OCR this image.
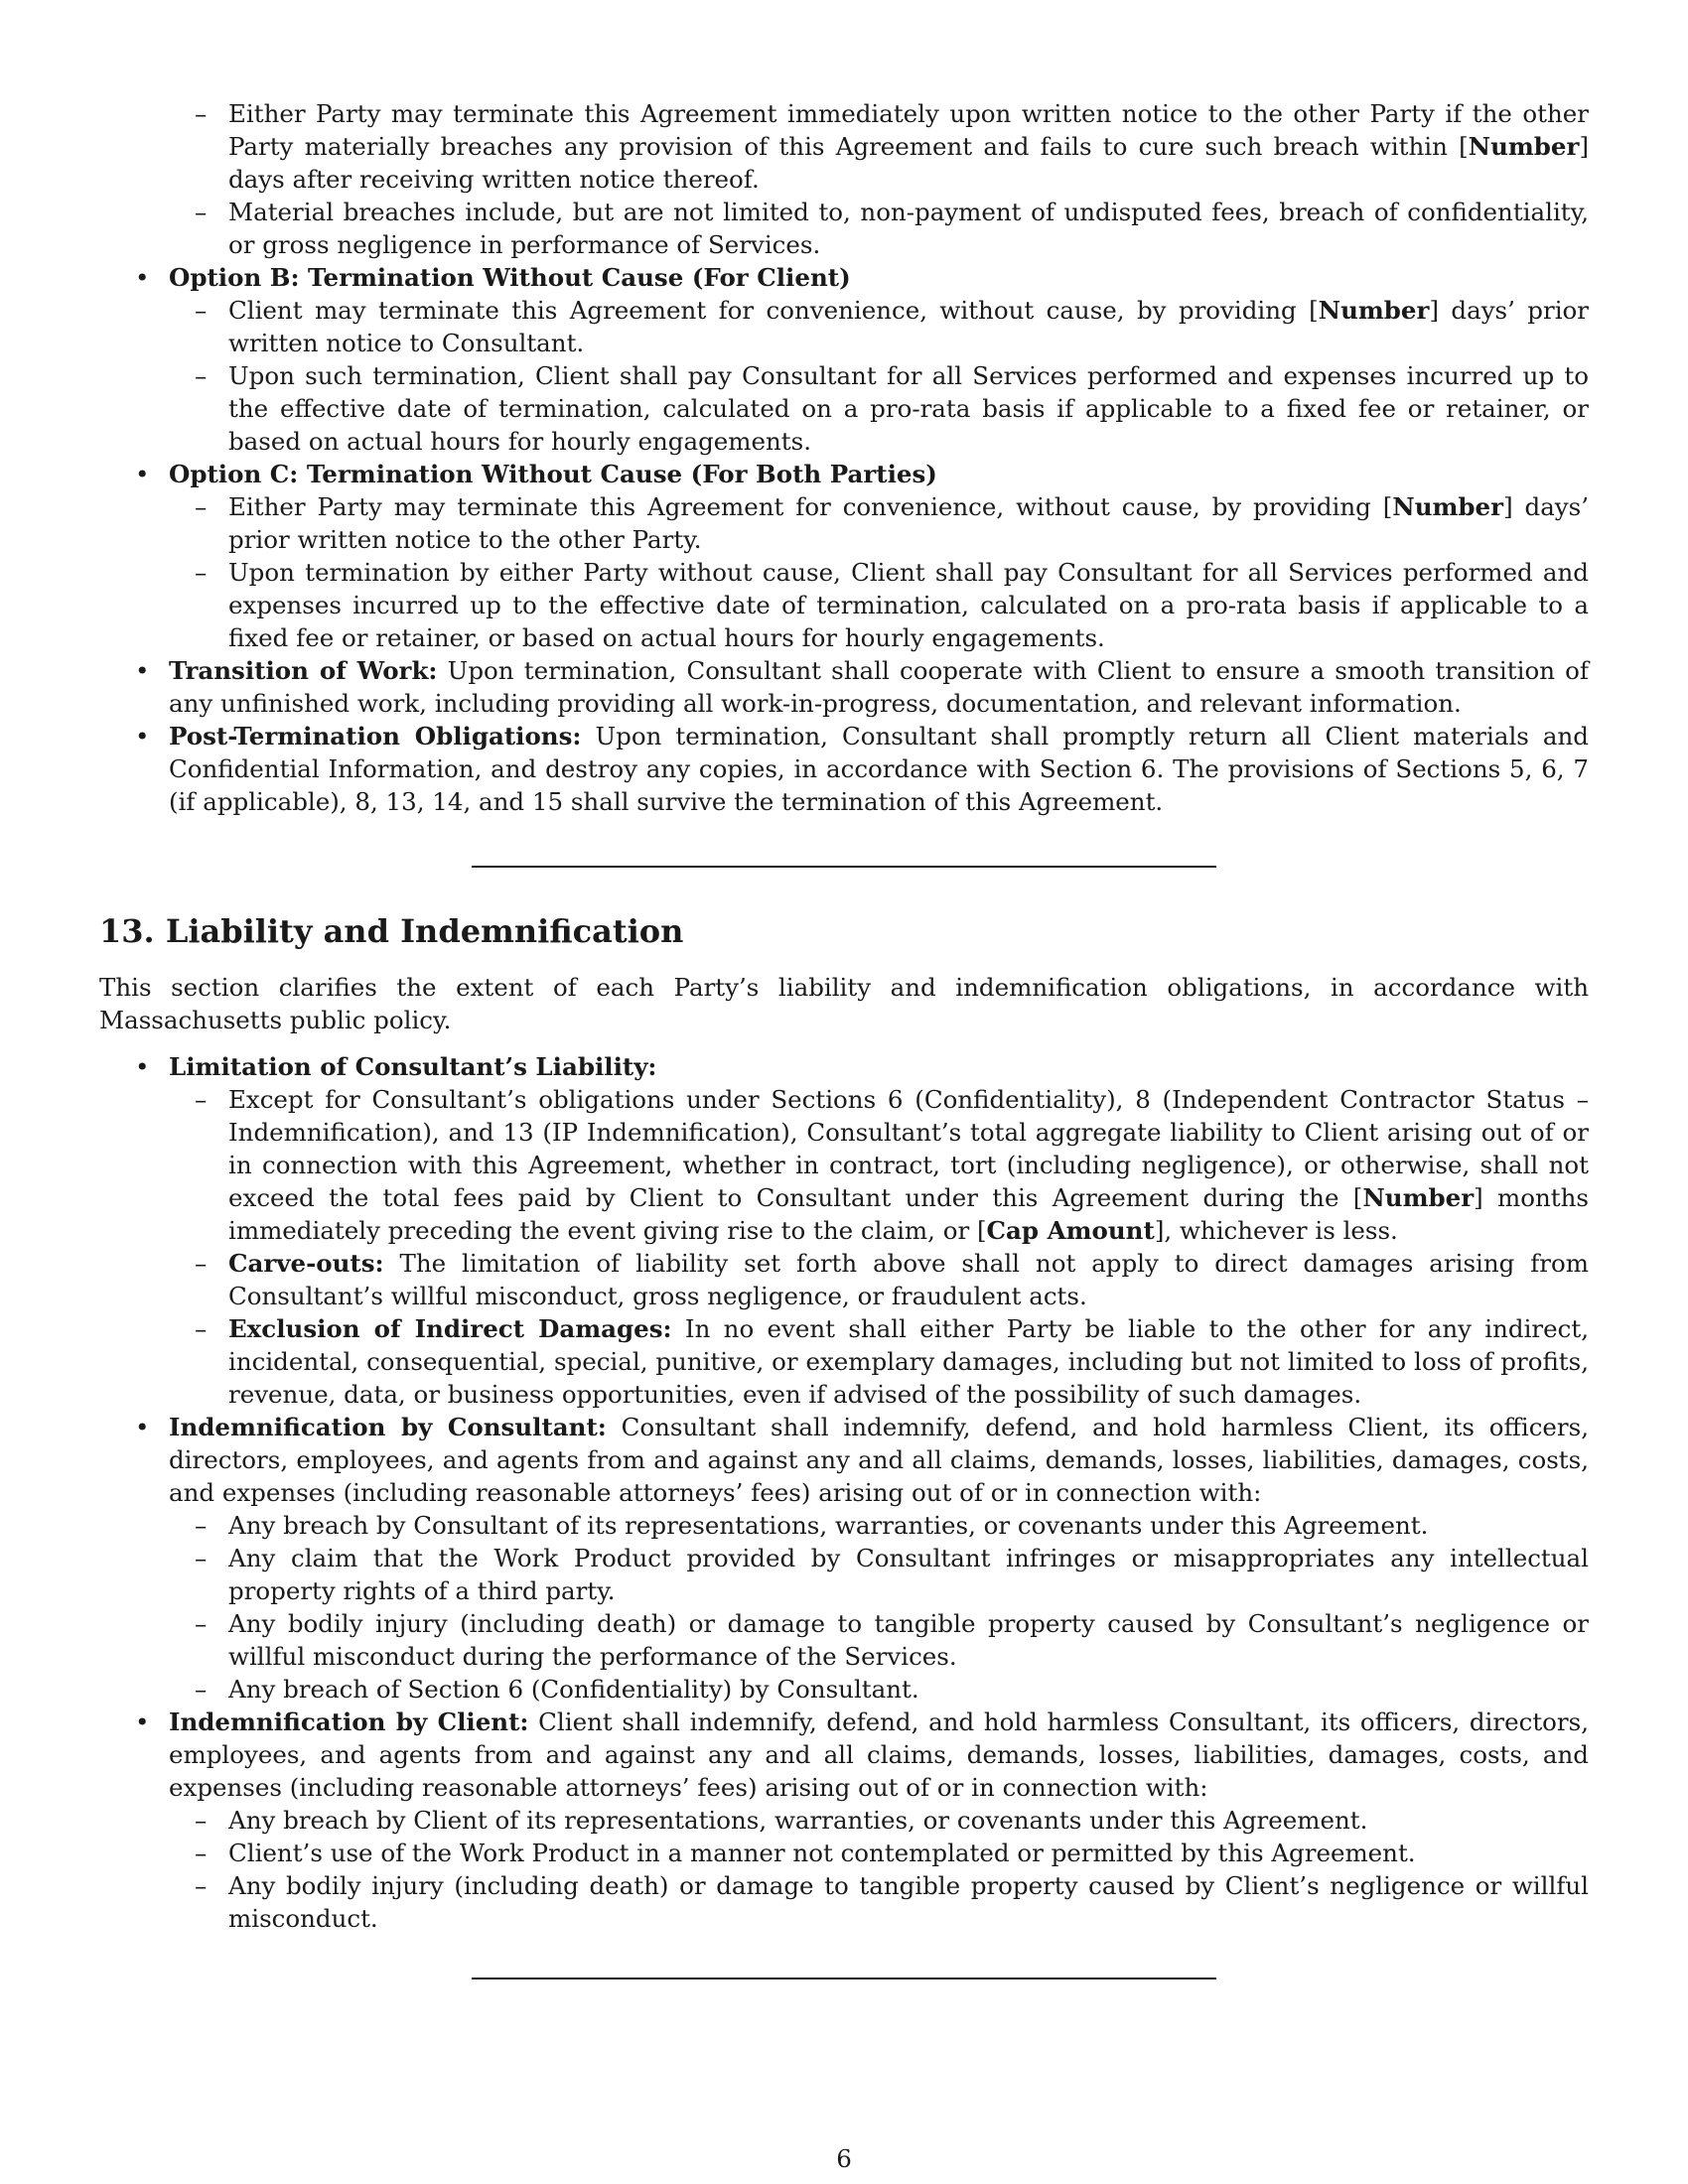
– Either Party may terminate this Agreement immediately upon written notice to the other Party if the other Party materially breaches any provision of this Agreement and fails to cure such breach within [Number] days after receiving written notice thereof.
– Material breaches include, but are not limited to, non-payment of undisputed fees, breach of confidentiality, or gross negligence in performance of Services.
• Option B: Termination Without Cause (For Client)
– Client may terminate this Agreement for convenience, without cause, by providing [Number] days’ prior written notice to Consultant.
– Upon such termination, Client shall pay Consultant for all Services performed and expenses incurred up to the effective date of termination, calculated on a pro-rata basis if applicable to a fixed fee or retainer, or based on actual hours for hourly engagements.
• Option C: Termination Without Cause (For Both Parties)
– Either Party may terminate this Agreement for convenience, without cause, by providing [Number] days’ prior written notice to the other Party.
– Upon termination by either Party without cause, Client shall pay Consultant for all Services performed and expenses incurred up to the effective date of termination, calculated on a pro-rata basis if applicable to a fixed fee or retainer, or based on actual hours for hourly engagements.
• Transition of Work: Upon termination, Consultant shall cooperate with Client to ensure a smooth transition of any unfinished work, including providing all work-in-progress, documentation, and relevant information.
• Post-Termination Obligations: Upon termination, Consultant shall promptly return all Client materials and Confidential Information, and destroy any copies, in accordance with Section 6. The provisions of Sections 5, 6, 7 (if applicable), 8, 13, 14, and 15 shall survive the termination of this Agreement.
13. Liability and Indemnification
This section clarifies the extent of each Party’s liability and indemnification obligations, in accordance with Massachusetts public policy.
• Limitation of Consultant’s Liability:
– Except for Consultant’s obligations under Sections 6 (Confidentiality), 8 (Independent Contractor Status – Indemnification), and 13 (IP Indemnification), Consultant’s total aggregate liability to Client arising out of or in connection with this Agreement, whether in contract, tort (including negligence), or otherwise, shall not exceed the total fees paid by Client to Consultant under this Agreement during the [Number] months immediately preceding the event giving rise to the claim, or [Cap Amount], whichever is less.
– Carve-outs: The limitation of liability set forth above shall not apply to direct damages arising from Consultant’s willful misconduct, gross negligence, or fraudulent acts.
– Exclusion of Indirect Damages: In no event shall either Party be liable to the other for any indirect, incidental, consequential, special, punitive, or exemplary damages, including but not limited to loss of profits, revenue, data, or business opportunities, even if advised of the possibility of such damages.
• Indemnification by Consultant: Consultant shall indemnify, defend, and hold harmless Client, its officers, directors, employees, and agents from and against any and all claims, demands, losses, liabilities, damages, costs, and expenses (including reasonable attorneys’ fees) arising out of or in connection with:
– Any breach by Consultant of its representations, warranties, or covenants under this Agreement.
– Any claim that the Work Product provided by Consultant infringes or misappropriates any intellectual property rights of a third party.
– Any bodily injury (including death) or damage to tangible property caused by Consultant’s negligence or willful misconduct during the performance of the Services.
– Any breach of Section 6 (Confidentiality) by Consultant.
• Indemnification by Client: Client shall indemnify, defend, and hold harmless Consultant, its officers, directors, employees, and agents from and against any and all claims, demands, losses, liabilities, damages, costs, and expenses (including reasonable attorneys’ fees) arising out of or in connection with:
– Any breach by Client of its representations, warranties, or covenants under this Agreement.
– Client’s use of the Work Product in a manner not contemplated or permitted by this Agreement.
– Any bodily injury (including death) or damage to tangible property caused by Client’s negligence or willful misconduct.
6
